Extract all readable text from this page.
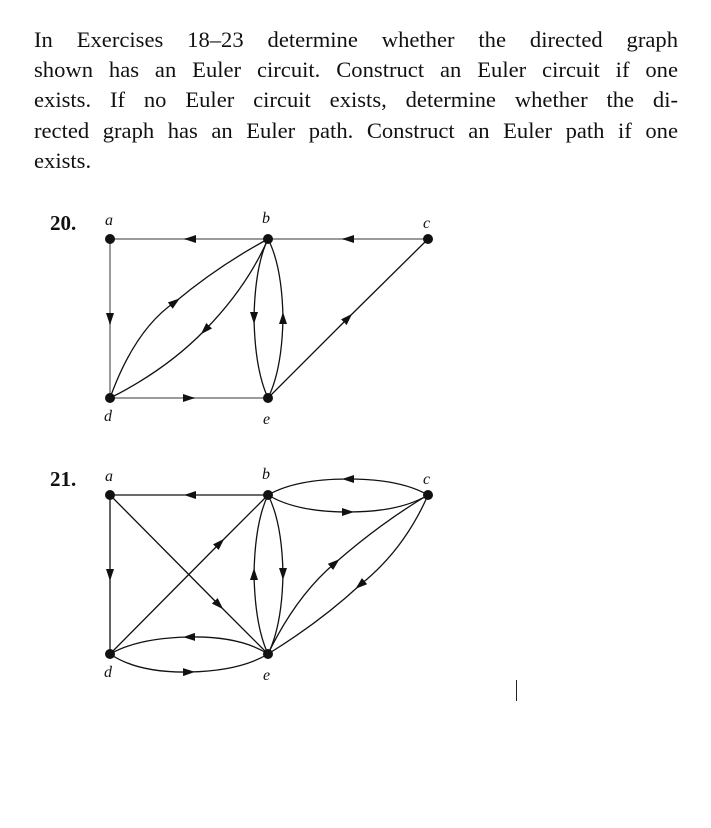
In Exercises 18–23 determine whether the directed graph
shown has an Euler circuit. Construct an Euler circuit if one
exists. If no Euler circuit exists, determine whether the di-
rected graph has an Euler path. Construct an Euler path if one
exists.
20. a	b	c
d	e
21. a	b	c
d	e
